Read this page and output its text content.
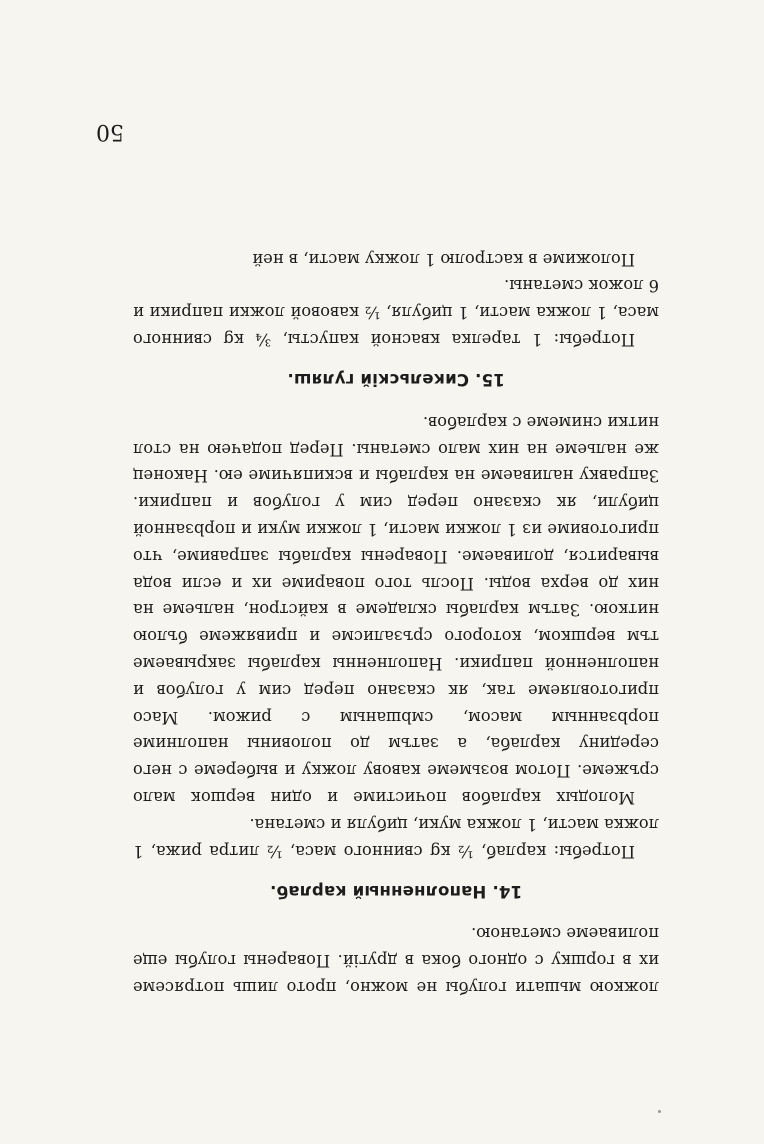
ложкою мьшати голубы не можно, прото лишь потрясеме их в горшку с одного бока в другiй. Поварены голубы еще поливаеме сметаною.

14. Наполненный карлаб.

Потребы: карлаб, ½ кg свинного маса, ½ литра рижа, 1 ложка масти, 1 ложка муки, цибуля и сметана.

Молодых карлабов почистиме и один вершок мало сръжеме. Потом возьмеме кавову ложку и выберeме с него середину карлаба, а затъм до половины наполниме порbзанным масом, смbшаным с рижом. Масо приготовляеме так, як сказано перед сим у голубов и наполненной паприки. Наполненны карлабы закрываеме тъм вершком, которого сръзалисме и привяжеме бълою ниткою. Затъм карлабы складеме в кайстрон, нальеме на них до верха воды. Посль того повариме их и если вода выварится, доливаеме. Поварены карлабы заправиме, что приготовиме из 1 ложки масти, 1 ложки муки и порbзанной цибули, як сказано перед сим у голубов и паприки. Заправку наливаеме на карлабы и вскипячиме ею. Наконец же нальеме на них мало сметаны. Перед подачею на стол нитки снимеме с карлабов.

15. Сикельскiй гуляш.

Потребы: 1 тарелка квасной капусты, ¾ кg свинного маса, 1 ложка масти, 1 цибуля, ½ кавовой ложки паприки и 6 ложок сметаны.

Положиме в кастролю 1 ложку масти, в ней

50
